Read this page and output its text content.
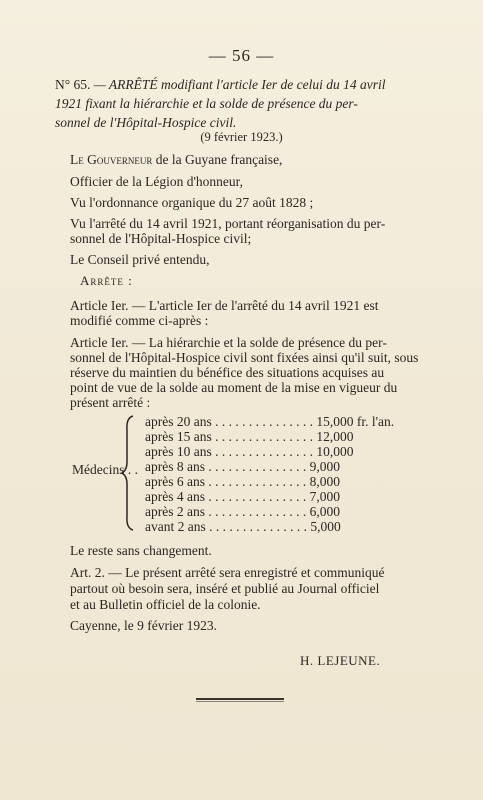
— 56 —
N° 65. — ARRÊTÉ modifiant l'article Ier de celui du 14 avril
1921 fixant la hiérarchie et la solde de présence du per-
sonnel de l'Hôpital-Hospice civil.
(9 février 1923.)
Le Gouverneur de la Guyane française,
Officier de la Légion d'honneur,
Vu l'ordonnance organique du 27 août 1828 ;
Vu l'arrêté du 14 avril 1921, portant réorganisation du per-
sonnel de l'Hôpital-Hospice civil;
Le Conseil privé entendu,
Arrête :
Article Ier. — L'article Ier de l'arrêté du 14 avril 1921 est
modifié comme ci-après :
Article Ier. — La hiérarchie et la solde de présence du per-
sonnel de l'Hôpital-Hospice civil sont fixées ainsi qu'il suit, sous
réserve du maintien du bénéfice des situations acquises au
point de vue de la solde au moment de la mise en vigueur du
présent arrêté :
Médecins . .
après 20 ans . . . . . . . . . . . . . . . 15,000 fr. l'an.
après 15 ans . . . . . . . . . . . . . . . 12,000
après 10 ans . . . . . . . . . . . . . . . 10,000
après 8 ans . . . . . . . . . . . . . . . 9,000
après 6 ans . . . . . . . . . . . . . . . 8,000
après 4 ans . . . . . . . . . . . . . . . 7,000
après 2 ans . . . . . . . . . . . . . . . 6,000
avant 2 ans . . . . . . . . . . . . . . . 5,000
Le reste sans changement.
Art. 2. — Le présent arrêté sera enregistré et communiqué
partout où besoin sera, inséré et publié au Journal officiel
et au Bulletin officiel de la colonie.
Cayenne, le 9 février 1923.
H. LEJEUNE.
